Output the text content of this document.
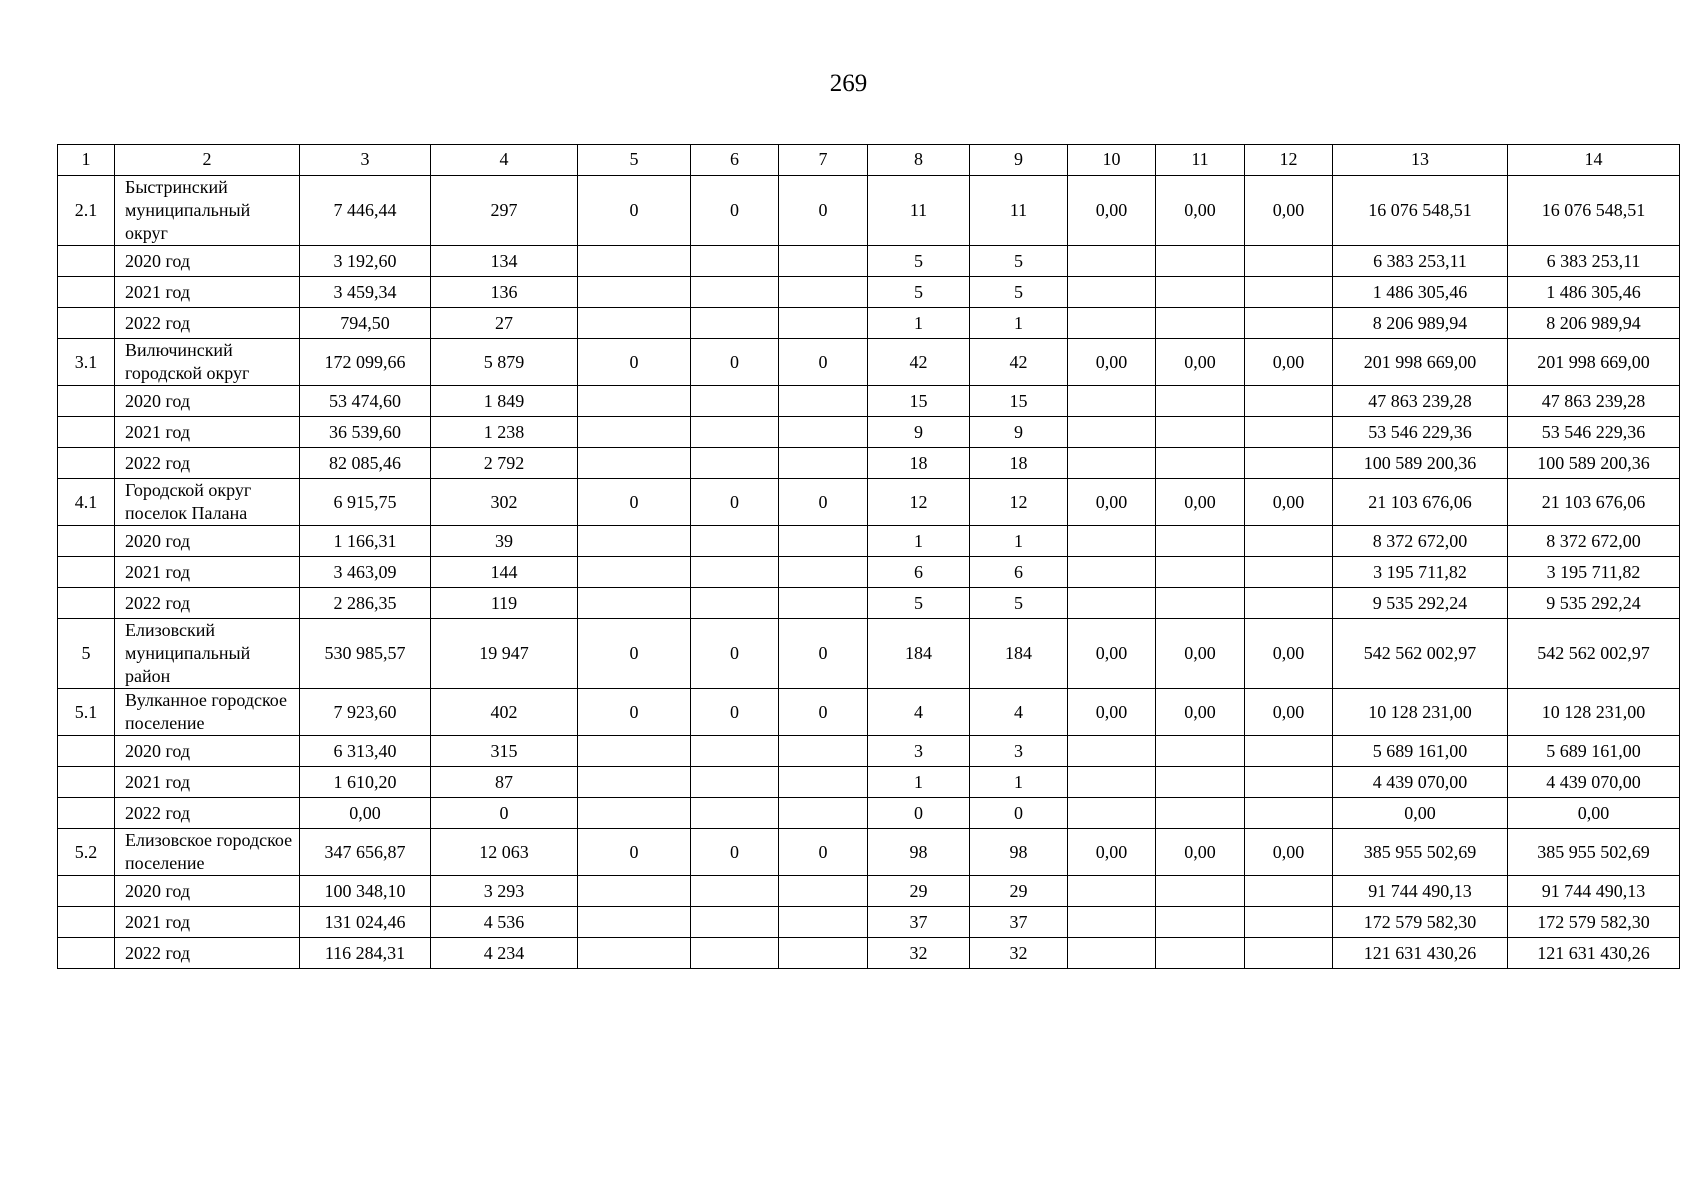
269
1	2	3	4	5	6	7	8	9	10	11	12	13	14
2.1	Быстринский муниципальный округ	7 446,44	297	0	0	0	11	11	0,00	0,00	0,00	16 076 548,51	16 076 548,51
	2020 год	3 192,60	134				5	5				6 383 253,11	6 383 253,11
	2021 год	3 459,34	136				5	5				1 486 305,46	1 486 305,46
	2022 год	794,50	27				1	1				8 206 989,94	8 206 989,94
3.1	Вилючинский городской округ	172 099,66	5 879	0	0	0	42	42	0,00	0,00	0,00	201 998 669,00	201 998 669,00
	2020 год	53 474,60	1 849				15	15				47 863 239,28	47 863 239,28
	2021 год	36 539,60	1 238				9	9				53 546 229,36	53 546 229,36
	2022 год	82 085,46	2 792				18	18				100 589 200,36	100 589 200,36
4.1	Городской округ поселок Палана	6 915,75	302	0	0	0	12	12	0,00	0,00	0,00	21 103 676,06	21 103 676,06
	2020 год	1 166,31	39				1	1				8 372 672,00	8 372 672,00
	2021 год	3 463,09	144				6	6				3 195 711,82	3 195 711,82
	2022 год	2 286,35	119				5	5				9 535 292,24	9 535 292,24
5	Елизовский муниципальный район	530 985,57	19 947	0	0	0	184	184	0,00	0,00	0,00	542 562 002,97	542 562 002,97
5.1	Вулканное городское поселение	7 923,60	402	0	0	0	4	4	0,00	0,00	0,00	10 128 231,00	10 128 231,00
	2020 год	6 313,40	315				3	3				5 689 161,00	5 689 161,00
	2021 год	1 610,20	87				1	1				4 439 070,00	4 439 070,00
	2022 год	0,00	0				0	0				0,00	0,00
5.2	Елизовское городское поселение	347 656,87	12 063	0	0	0	98	98	0,00	0,00	0,00	385 955 502,69	385 955 502,69
	2020 год	100 348,10	3 293				29	29				91 744 490,13	91 744 490,13
	2021 год	131 024,46	4 536				37	37				172 579 582,30	172 579 582,30
	2022 год	116 284,31	4 234				32	32				121 631 430,26	121 631 430,26
